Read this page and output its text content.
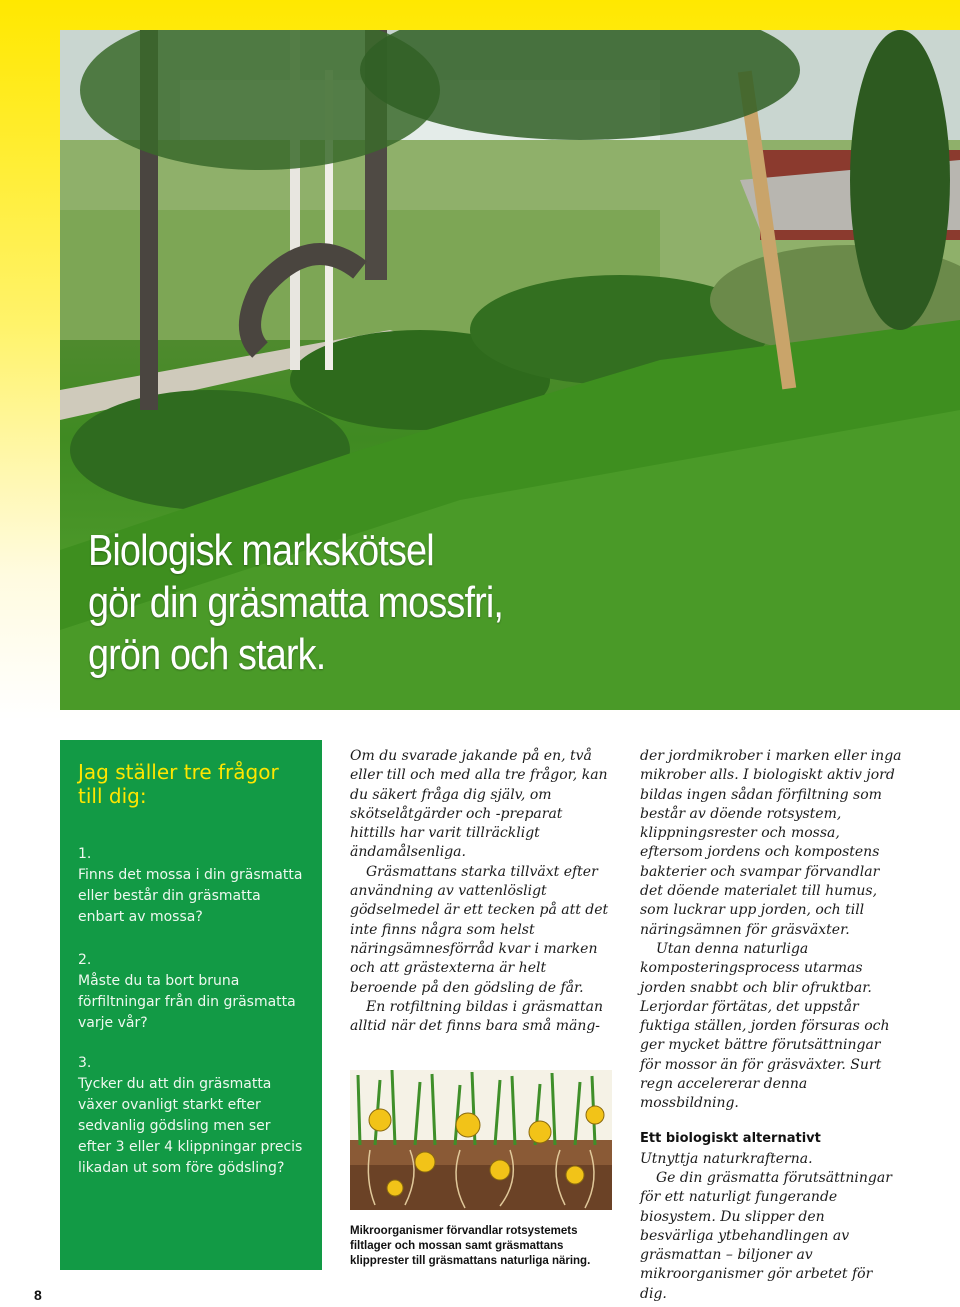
Biologisk markskötsel
gör din gräsmatta mossfri,
grön och stark.
Jag ställer tre frågor till dig:
1.
Finns det mossa i din gräsmatta eller består din gräsmatta enbart av mossa?
2.
Måste du ta bort bruna förfiltningar från din gräsmatta varje vår?
3.
Tycker du att din gräsmatta växer ovanligt starkt efter sedvanlig gödsling men ser efter 3 eller 4 klippningar precis likadan ut som före gödsling?

Om du svarade jakande på en, två eller till och med alla tre frågor, kan du säkert fråga dig själv, om skötselåtgärder och -preparat hittills har varit tillräckligt ändamålsenliga.

Gräsmattans starka tillväxt efter användning av vattenlösligt gödselmedel är ett tecken på att det inte finns några som helst näringsämnesförråd kvar i marken och att grästexterna är helt beroende på den gödsling de får.

En rotfiltning bildas i gräsmattan alltid när det finns bara små mäng-

Mikroorganismer förvandlar rotsystemets filtlager och mossan samt gräsmattans klipprester till gräsmattans naturliga näring.

der jordmikrober i marken eller inga mikrober alls. I biologiskt aktiv jord bildas ingen sådan förfiltning som består av döende rotsystem, klippningsrester och mossa, eftersom jordens och kompostens bakterier och svampar förvandlar det döende materialet till humus, som luckrar upp jorden, och till näringsämnen för gräsväxter.

Utan denna naturliga komposteringsprocess utarmas jorden snabbt och blir ofruktbar. Lerjordar förtätas, det uppstår fuktiga ställen, jorden försuras och ger mycket bättre förutsättningar för mossor än för gräsväxter. Surt regn accelererar denna mossbildning.

Ett biologiskt alternativt

Utnyttja naturkrafterna.

Ge din gräsmatta förutsättningar för ett naturligt fungerande biosystem. Du slipper den besvärliga ytbehandlingen av gräsmattan – biljoner av mikroorganismer gör arbetet för dig.

8
